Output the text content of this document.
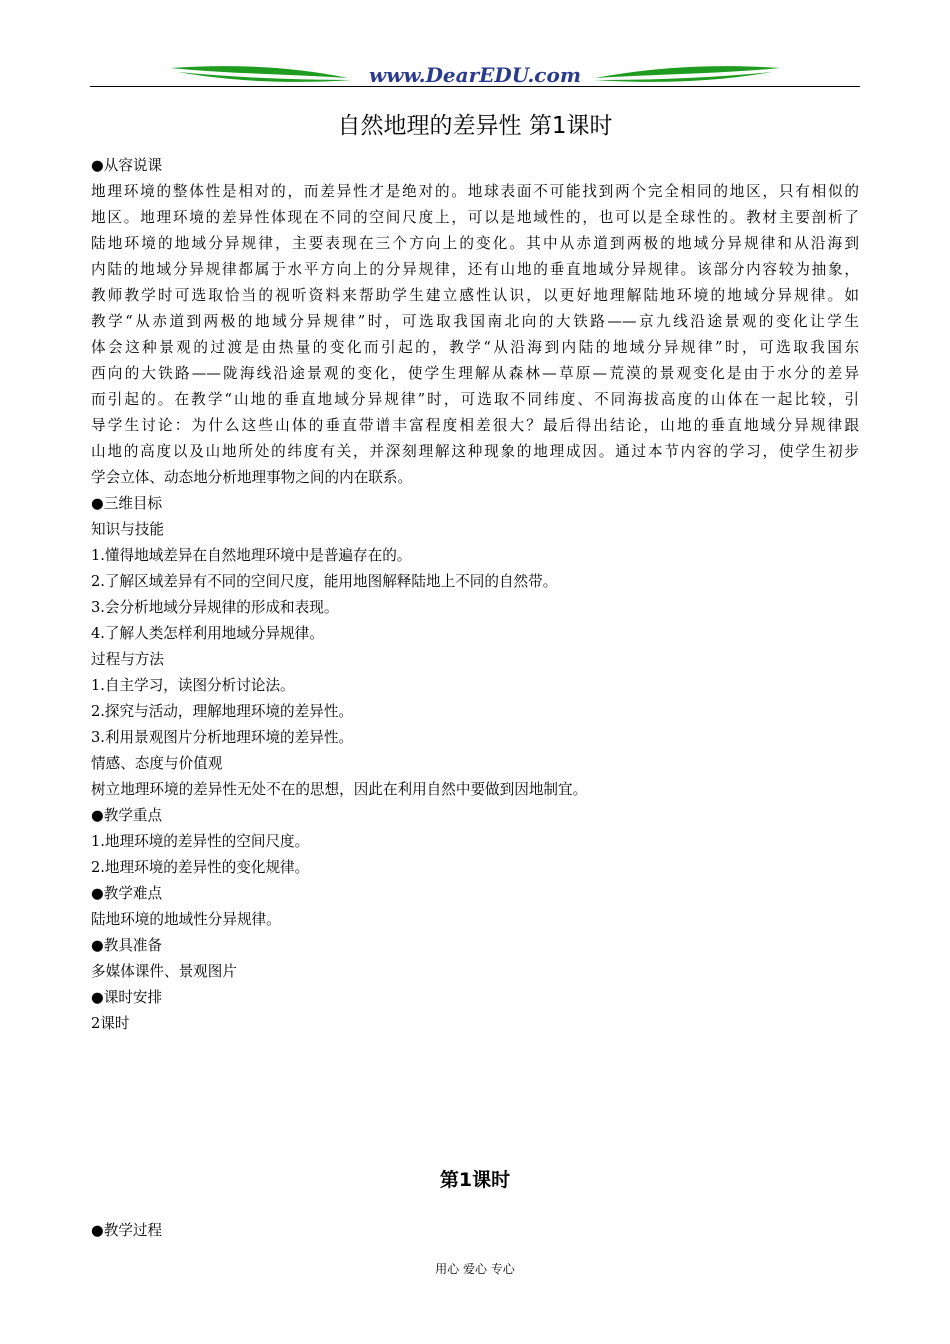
www.DearEDU.com
自然地理的差异性 第1课时
●从容说课
地理环境的整体性是相对的，而差异性才是绝对的。地球表面不可能找到两个完全相同的地区，只有相似的
地区。地理环境的差异性体现在不同的空间尺度上，可以是地域性的，也可以是全球性的。教材主要剖析了
陆地环境的地域分异规律，主要表现在三个方向上的变化。其中从赤道到两极的地域分异规律和从沿海到
内陆的地域分异规律都属于水平方向上的分异规律，还有山地的垂直地域分异规律。该部分内容较为抽象，
教师教学时可选取恰当的视听资料来帮助学生建立感性认识，以更好地理解陆地环境的地域分异规律。如
教学“从赤道到两极的地域分异规律”时，可选取我国南北向的大铁路——京九线沿途景观的变化让学生
体会这种景观的过渡是由热量的变化而引起的，教学“从沿海到内陆的地域分异规律”时，可选取我国东
西向的大铁路——陇海线沿途景观的变化，使学生理解从森林—草原—荒漠的景观变化是由于水分的差异
而引起的。在教学“山地的垂直地域分异规律”时，可选取不同纬度、不同海拔高度的山体在一起比较，引
导学生讨论：为什么这些山体的垂直带谱丰富程度相差很大？最后得出结论，山地的垂直地域分异规律跟
山地的高度以及山地所处的纬度有关，并深刻理解这种现象的地理成因。通过本节内容的学习，使学生初步
学会立体、动态地分析地理事物之间的内在联系。
●三维目标
知识与技能
1.懂得地域差异在自然地理环境中是普遍存在的。
2.了解区域差异有不同的空间尺度，能用地图解释陆地上不同的自然带。
3.会分析地域分异规律的形成和表现。
4.了解人类怎样利用地域分异规律。
过程与方法
1.自主学习，读图分析讨论法。
2.探究与活动，理解地理环境的差异性。
3.利用景观图片分析地理环境的差异性。
情感、态度与价值观
树立地理环境的差异性无处不在的思想，因此在利用自然中要做到因地制宜。
●教学重点
1.地理环境的差异性的空间尺度。
2.地理环境的差异性的变化规律。
●教学难点
陆地环境的地域性分异规律。
●教具准备
多媒体课件、景观图片
●课时安排
2课时
第1课时
●教学过程
用心 爱心 专心
